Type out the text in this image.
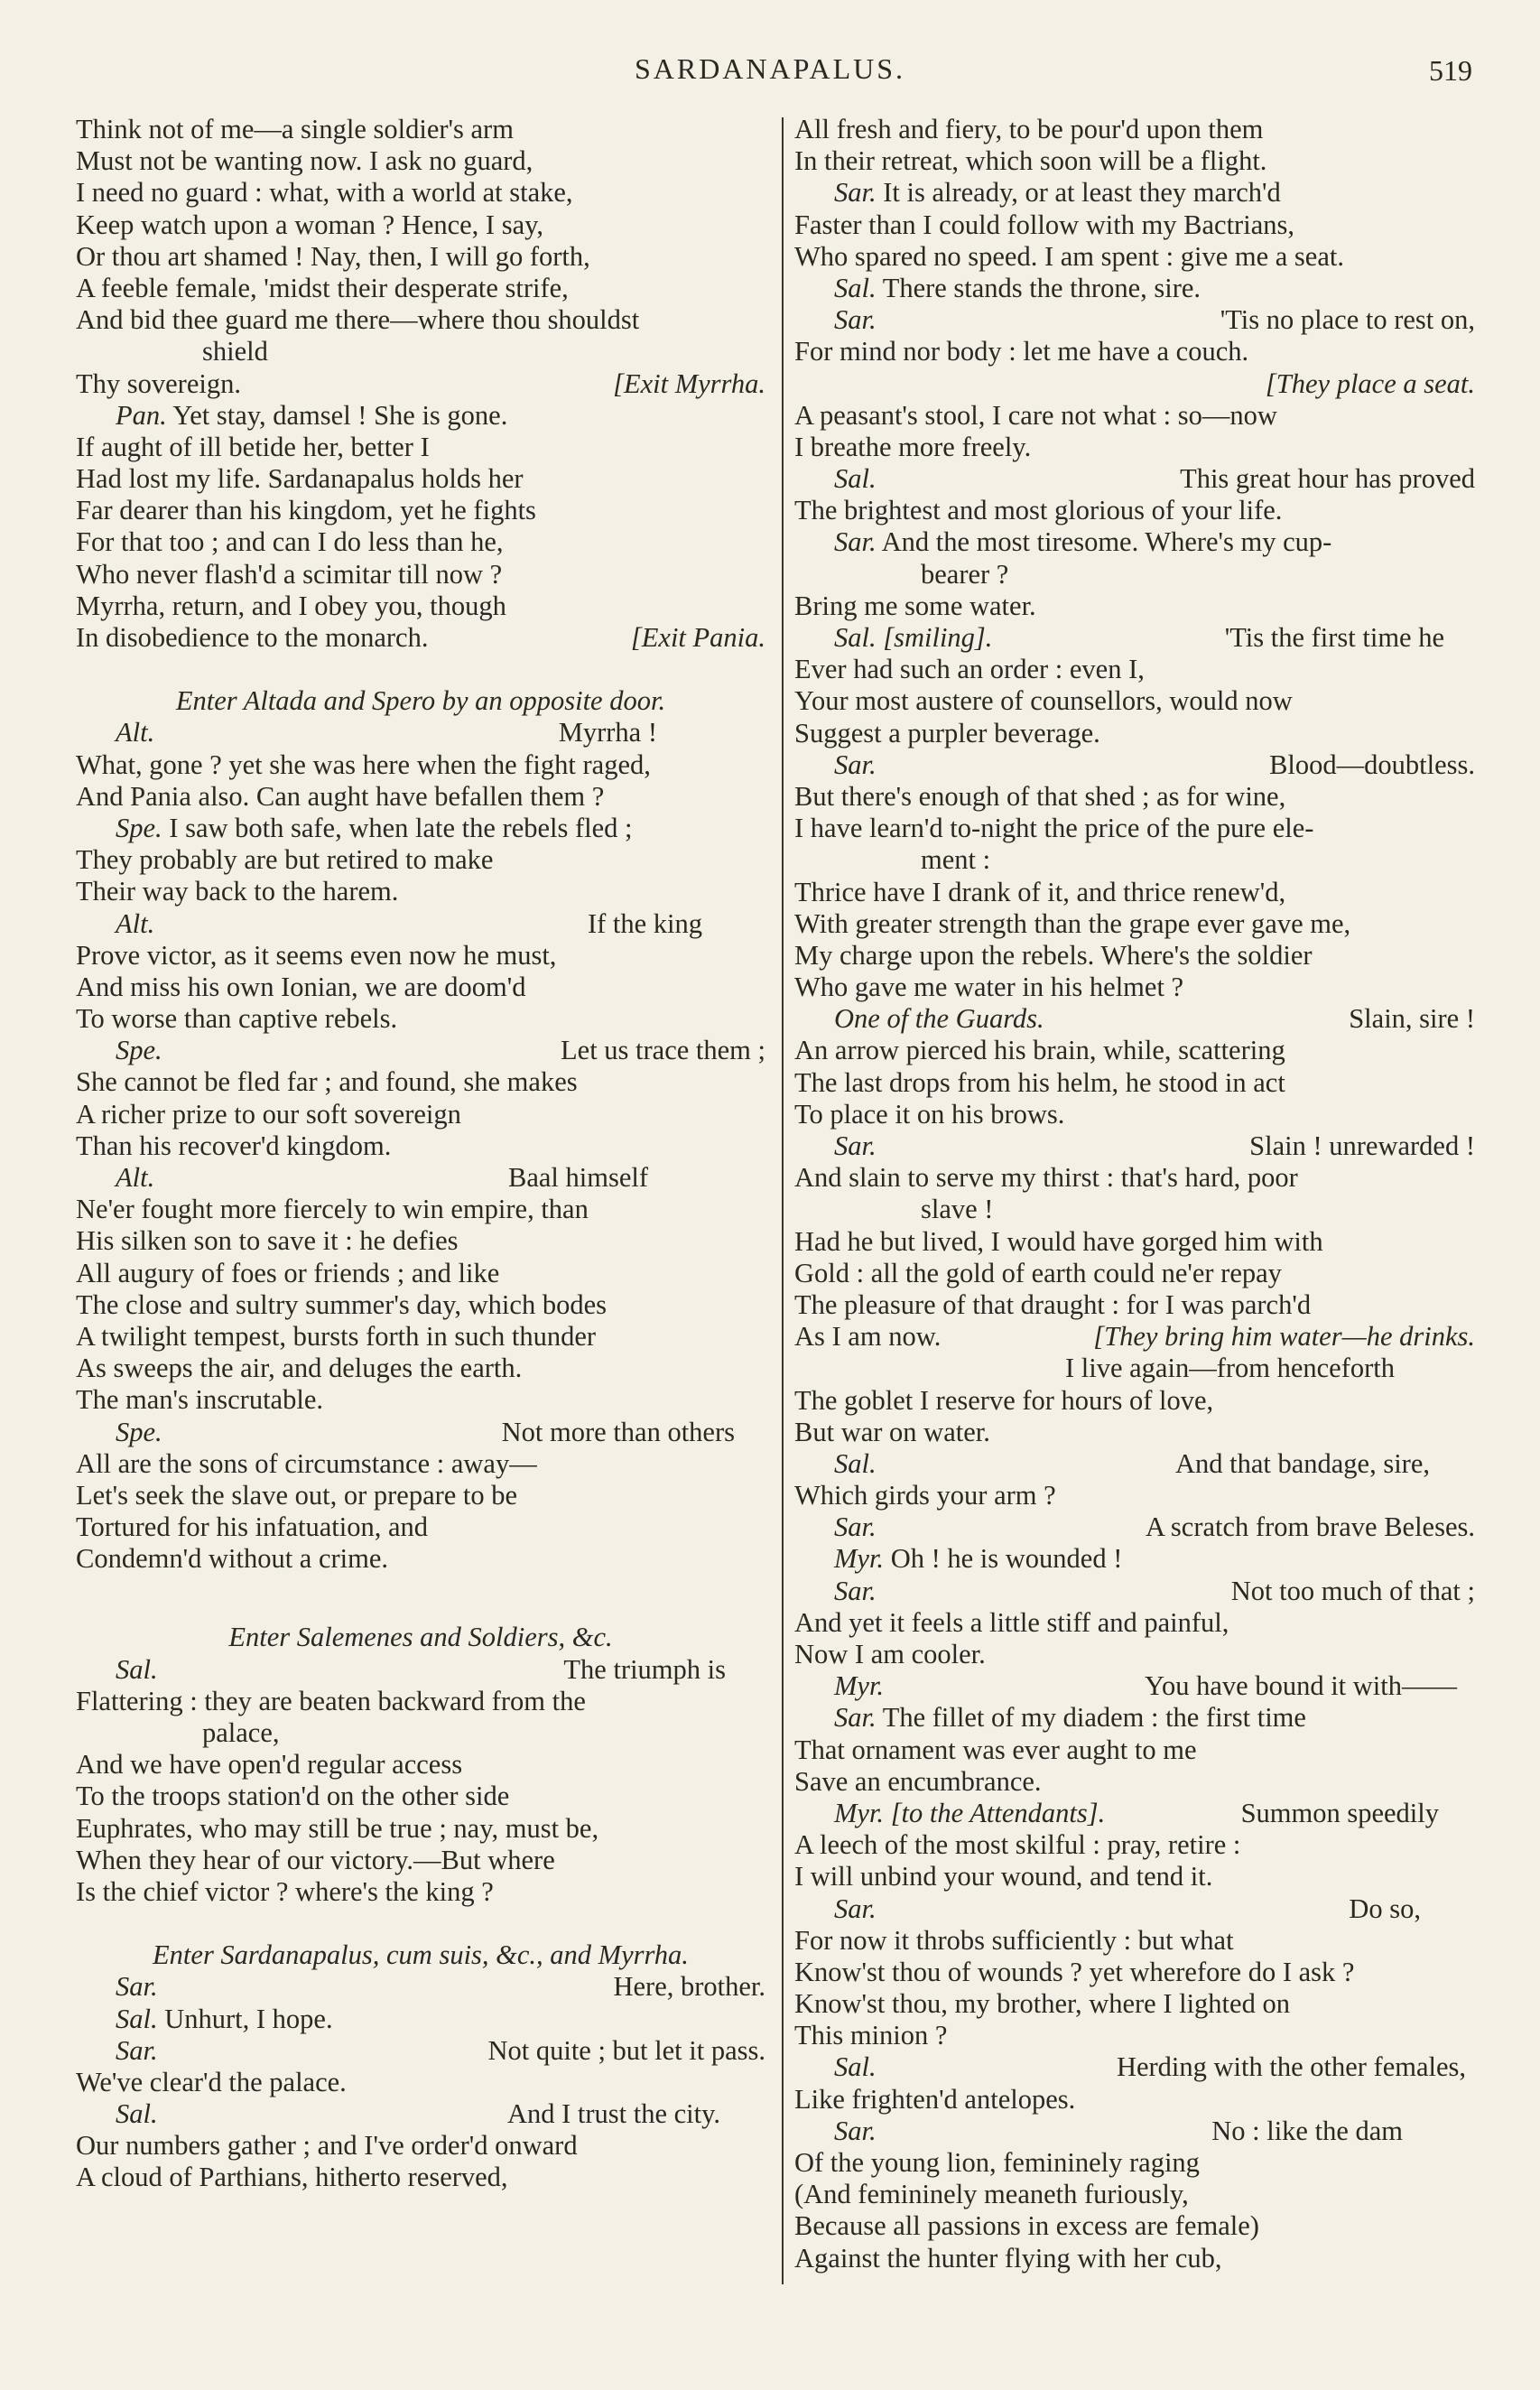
SARDANAPALUS.	519
Think not of me—a single soldier's arm
Must not be wanting now. I ask no guard,
I need no guard : what, with a world at stake,
Keep watch upon a woman ? Hence, I say,
Or thou art shamed ! Nay, then, I will go forth,
A feeble female, 'midst their desperate strife,
And bid thee guard me there—where thou shouldst
shield
Thy sovereign.	[Exit Myrrha.
Pan. Yet stay, damsel ! She is gone.
If aught of ill betide her, better I
Had lost my life. Sardanapalus holds her
Far dearer than his kingdom, yet he fights
For that too ; and can I do less than he,
Who never flash'd a scimitar till now ?
Myrrha, return, and I obey you, though
In disobedience to the monarch.	[Exit Pania.
Enter Altada and Spero by an opposite door.
Alt.	Myrrha !
What, gone ? yet she was here when the fight raged,
And Pania also. Can aught have befallen them ?
Spe. I saw both safe, when late the rebels fled ;
They probably are but retired to make
Their way back to the harem.
Alt.	If the king
Prove victor, as it seems even now he must,
And miss his own Ionian, we are doom'd
To worse than captive rebels.
Spe.	Let us trace them ;
She cannot be fled far ; and found, she makes
A richer prize to our soft sovereign
Than his recover'd kingdom.
Alt.	Baal himself
Ne'er fought more fiercely to win empire, than
His silken son to save it : he defies
All augury of foes or friends ; and like
The close and sultry summer's day, which bodes
A twilight tempest, bursts forth in such thunder
As sweeps the air, and deluges the earth.
The man's inscrutable.
Spe.	Not more than others
All are the sons of circumstance : away—
Let's seek the slave out, or prepare to be
Tortured for his infatuation, and
Condemn'd without a crime.
Enter Salemenes and Soldiers, &c.
Sal.	The triumph is
Flattering : they are beaten backward from the
palace,
And we have open'd regular access
To the troops station'd on the other side
Euphrates, who may still be true ; nay, must be,
When they hear of our victory.—But where
Is the chief victor ? where's the king ?
Enter Sardanapalus, cum suis, &c., and Myrrha.
Sar.	Here, brother.
Sal. Unhurt, I hope.
Sar.	Not quite ; but let it pass.
We've clear'd the palace.
Sal.	And I trust the city.
Our numbers gather ; and I've order'd onward
A cloud of Parthians, hitherto reserved,
All fresh and fiery, to be pour'd upon them
In their retreat, which soon will be a flight.
Sar. It is already, or at least they march'd
Faster than I could follow with my Bactrians,
Who spared no speed. I am spent : give me a seat.
Sal. There stands the throne, sire.
Sar.	'Tis no place to rest on,
For mind nor body : let me have a couch.
[They place a seat.
A peasant's stool, I care not what : so—now
I breathe more freely.
Sal.	This great hour has proved
The brightest and most glorious of your life.
Sar. And the most tiresome. Where's my cup-
bearer ?
Bring me some water.
Sal. [smiling].	'Tis the first time he
Ever had such an order : even I,
Your most austere of counsellors, would now
Suggest a purpler beverage.
Sar.	Blood—doubtless.
But there's enough of that shed ; as for wine,
I have learn'd to-night the price of the pure ele-
ment :
Thrice have I drank of it, and thrice renew'd,
With greater strength than the grape ever gave me,
My charge upon the rebels. Where's the soldier
Who gave me water in his helmet ?
One of the Guards.	Slain, sire !
An arrow pierced his brain, while, scattering
The last drops from his helm, he stood in act
To place it on his brows.
Sar.	Slain ! unrewarded !
And slain to serve my thirst : that's hard, poor
slave !
Had he but lived, I would have gorged him with
Gold : all the gold of earth could ne'er repay
The pleasure of that draught : for I was parch'd
As I am now.	[They bring him water—he drinks.
I live again—from henceforth
The goblet I reserve for hours of love,
But war on water.
Sal.	And that bandage, sire,
Which girds your arm ?
Sar.	A scratch from brave Beleses.
Myr. Oh ! he is wounded !
Sar.	Not too much of that ;
And yet it feels a little stiff and painful,
Now I am cooler.
Myr.	You have bound it with——
Sar. The fillet of my diadem : the first time
That ornament was ever aught to me
Save an encumbrance.
Myr. [to the Attendants].	Summon speedily
A leech of the most skilful : pray, retire :
I will unbind your wound, and tend it.
Sar.	Do so,
For now it throbs sufficiently : but what
Know'st thou of wounds ? yet wherefore do I ask ?
Know'st thou, my brother, where I lighted on
This minion ?
Sal.	Herding with the other females,
Like frighten'd antelopes.
Sar.	No : like the dam
Of the young lion, femininely raging
(And femininely meaneth furiously,
Because all passions in excess are female)
Against the hunter flying with her cub,
